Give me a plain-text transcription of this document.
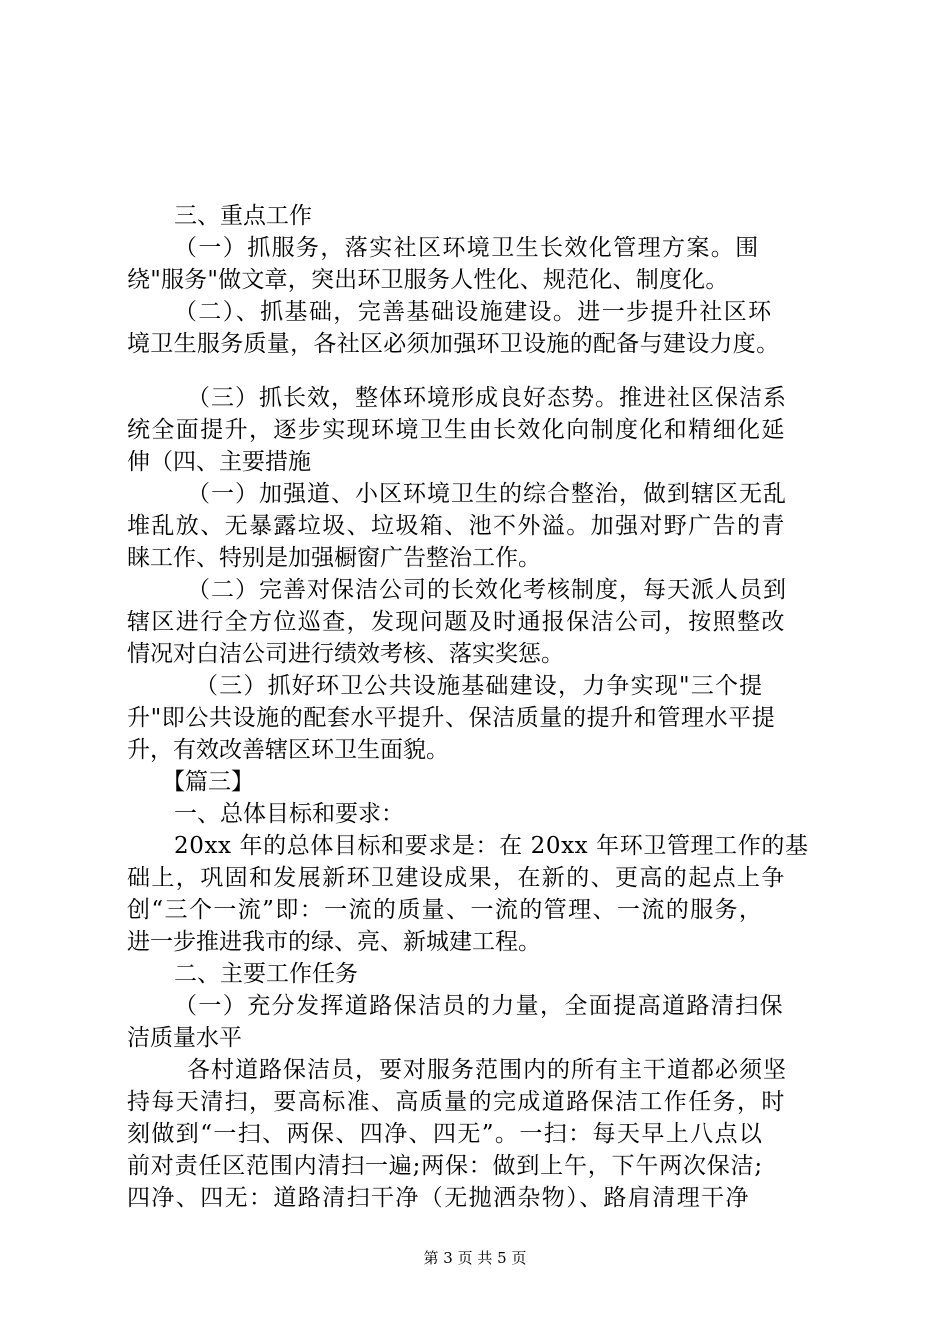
三、重点工作
（一）抓服务，落实社区环境卫生长效化管理方案。围
绕"服务"做文章，突出环卫服务人性化、规范化、制度化。
（二）、抓基础，完善基础设施建设。进一步提升社区环
境卫生服务质量，各社区必须加强环卫设施的配备与建设力度。
（三）抓长效，整体环境形成良好态势。推进社区保洁系
统全面提升，逐步实现环境卫生由长效化向制度化和精细化延
伸（四、主要措施
（一）加强道、小区环境卫生的综合整治，做到辖区无乱
堆乱放、无暴露垃圾、垃圾箱、池不外溢。加强对野广告的青
睐工作、特别是加强橱窗广告整治工作。
（二）完善对保洁公司的长效化考核制度，每天派人员到
辖区进行全方位巡查，发现问题及时通报保洁公司，按照整改
情况对白洁公司进行绩效考核、落实奖惩。
（三）抓好环卫公共设施基础建设，力争实现"三个提
升"即公共设施的配套水平提升、保洁质量的提升和管理水平提
升，有效改善辖区环卫生面貌。
【篇三】
一、总体目标和要求：
20xx 年的总体目标和要求是：在 20xx 年环卫管理工作的基
础上，巩固和发展新环卫建设成果，在新的、更高的起点上争
创“三个一流”即：一流的质量、一流的管理、一流的服务，
进一步推进我市的绿、亮、新城建工程。
二、主要工作任务
（一）充分发挥道路保洁员的力量，全面提高道路清扫保
洁质量水平
各村道路保洁员，要对服务范围内的所有主干道都必须坚
持每天清扫，要高标准、高质量的完成道路保洁工作任务，时
刻做到“一扫、两保、四净、四无”。一扫：每天早上八点以
前对责任区范围内清扫一遍;两保：做到上午，下午两次保洁;
四净、四无：道路清扫干净（无抛洒杂物）、路肩清理干净
第 3 页 共 5 页
